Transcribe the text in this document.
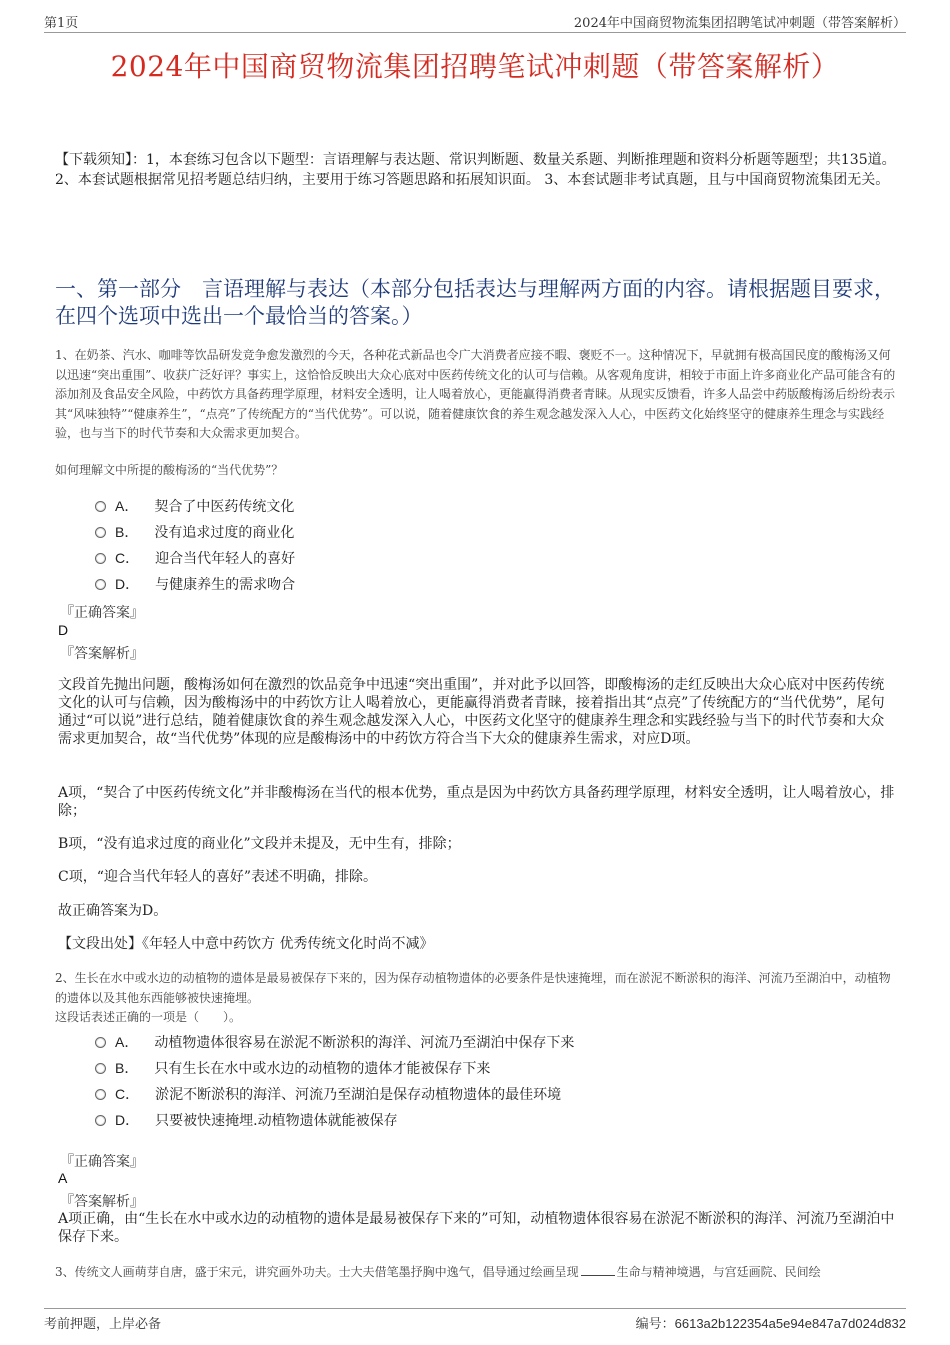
第1页	2024年中国商贸物流集团招聘笔试冲刺题（带答案解析）
2024年中国商贸物流集团招聘笔试冲刺题（带答案解析）
【下载须知】：1，本套练习包含以下题型：言语理解与表达题、常识判断题、数量关系题、判断推理题和资料分析题等题型；共135道。 2、本套试题根据常见招考题总结归纳，主要用于练习答题思路和拓展知识面。 3、本套试题非考试真题，且与中国商贸物流集团无关。
一、第一部分　言语理解与表达（本部分包括表达与理解两方面的内容。请根据题目要求，在四个选项中选出一个最恰当的答案。）
1、在奶茶、汽水、咖啡等饮品研发竞争愈发激烈的今天，各种花式新品也令广大消费者应接不暇、褒贬不一。这种情况下，早就拥有极高国民度的酸梅汤又何以迅速“突出重围”、收获广泛好评？事实上，这恰恰反映出大众心底对中医药传统文化的认可与信赖。从客观角度讲，相较于市面上许多商业化产品可能含有的添加剂及食品安全风险，中药饮方具备药理学原理，材料安全透明，让人喝着放心，更能赢得消费者青睐。从现实反馈看，许多人品尝中药版酸梅汤后纷纷表示其“风味独特”“健康养生”，“点亮”了传统配方的“当代优势”。可以说，随着健康饮食的养生观念越发深入人心，中医药文化始终坚守的健康养生理念与实践经验，也与当下的时代节奏和大众需求更加契合。
如何理解文中所提的酸梅汤的“当代优势”？
A． 契合了中医药传统文化
B． 没有追求过度的商业化
C． 迎合当代年轻人的喜好
D． 与健康养生的需求吻合
『正确答案』
D
『答案解析』
文段首先抛出问题，酸梅汤如何在激烈的饮品竞争中迅速“突出重围”，并对此予以回答，即酸梅汤的走红反映出大众心底对中医药传统文化的认可与信赖，因为酸梅汤中的中药饮方让人喝着放心，更能赢得消费者青睐，接着指出其“点亮”了传统配方的“当代优势”，尾句通过“可以说”进行总结，随着健康饮食的养生观念越发深入人心，中医药文化坚守的健康养生理念和实践经验与当下的时代节奏和大众需求更加契合，故“当代优势”体现的应是酸梅汤中的中药饮方符合当下大众的健康养生需求，对应D项。
A项，“契合了中医药传统文化”并非酸梅汤在当代的根本优势，重点是因为中药饮方具备药理学原理，材料安全透明，让人喝着放心，排除；
B项，“没有追求过度的商业化”文段并未提及，无中生有，排除；
C项，“迎合当代年轻人的喜好”表述不明确，排除。
故正确答案为D。
【文段出处】《年轻人中意中药饮方 优秀传统文化时尚不减》
2、生长在水中或水边的动植物的遗体是最易被保存下来的，因为保存动植物遗体的必要条件是快速掩埋，而在淤泥不断淤积的海洋、河流乃至湖泊中，动植物的遗体以及其他东西能够被快速掩埋。
这段话表述正确的一项是（　　）。
A． 动植物遗体很容易在淤泥不断淤积的海洋、河流乃至湖泊中保存下来
B． 只有生长在水中或水边的动植物的遗体才能被保存下来
C． 淤泥不断淤积的海洋、河流乃至湖泊是保存动植物遗体的最佳环境
D． 只要被快速掩埋.动植物遗体就能被保存
『正确答案』
A
『答案解析』
A项正确，由“生长在水中或水边的动植物的遗体是最易被保存下来的”可知，动植物遗体很容易在淤泥不断淤积的海洋、河流乃至湖泊中保存下来。
3、传统文人画萌芽自唐，盛于宋元，讲究画外功夫。士大夫借笔墨抒胸中逸气，倡导通过绘画呈现	生命与精神境遇，与宫廷画院、民间绘
考前押题，上岸必备	编号：6613a2b122354a5e94e847a7d024d832
